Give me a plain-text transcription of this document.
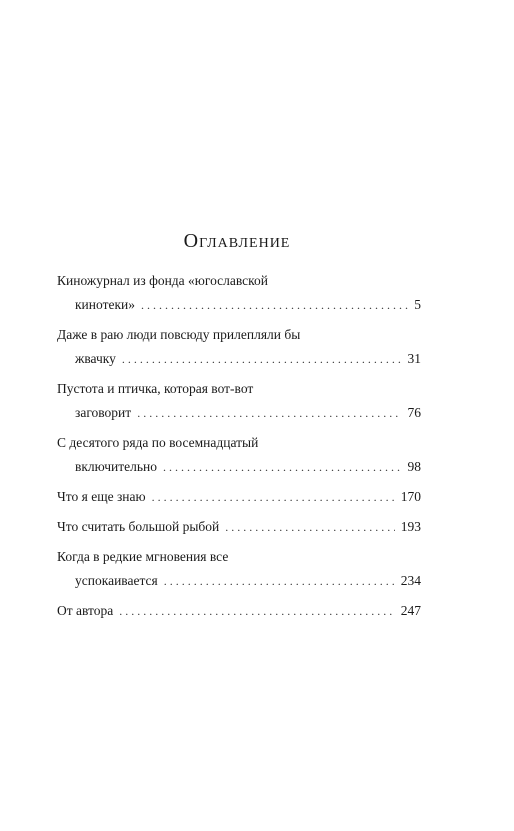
Оглавление
Киножурнал из фонда «югославской
кинотеки» . . .	5
Даже в раю люди повсюду прилепляли бы
жвачку . . .	31
Пустота и птичка, которая вот-вот
заговорит . . .	76
С десятого ряда по восемнадцатый
включительно . . .	98
Что я еще знаю . . .	170
Что считать большой рыбой . . .	193
Когда в редкие мгновения все
успокаивается . . .	234
От автора . . .	247
